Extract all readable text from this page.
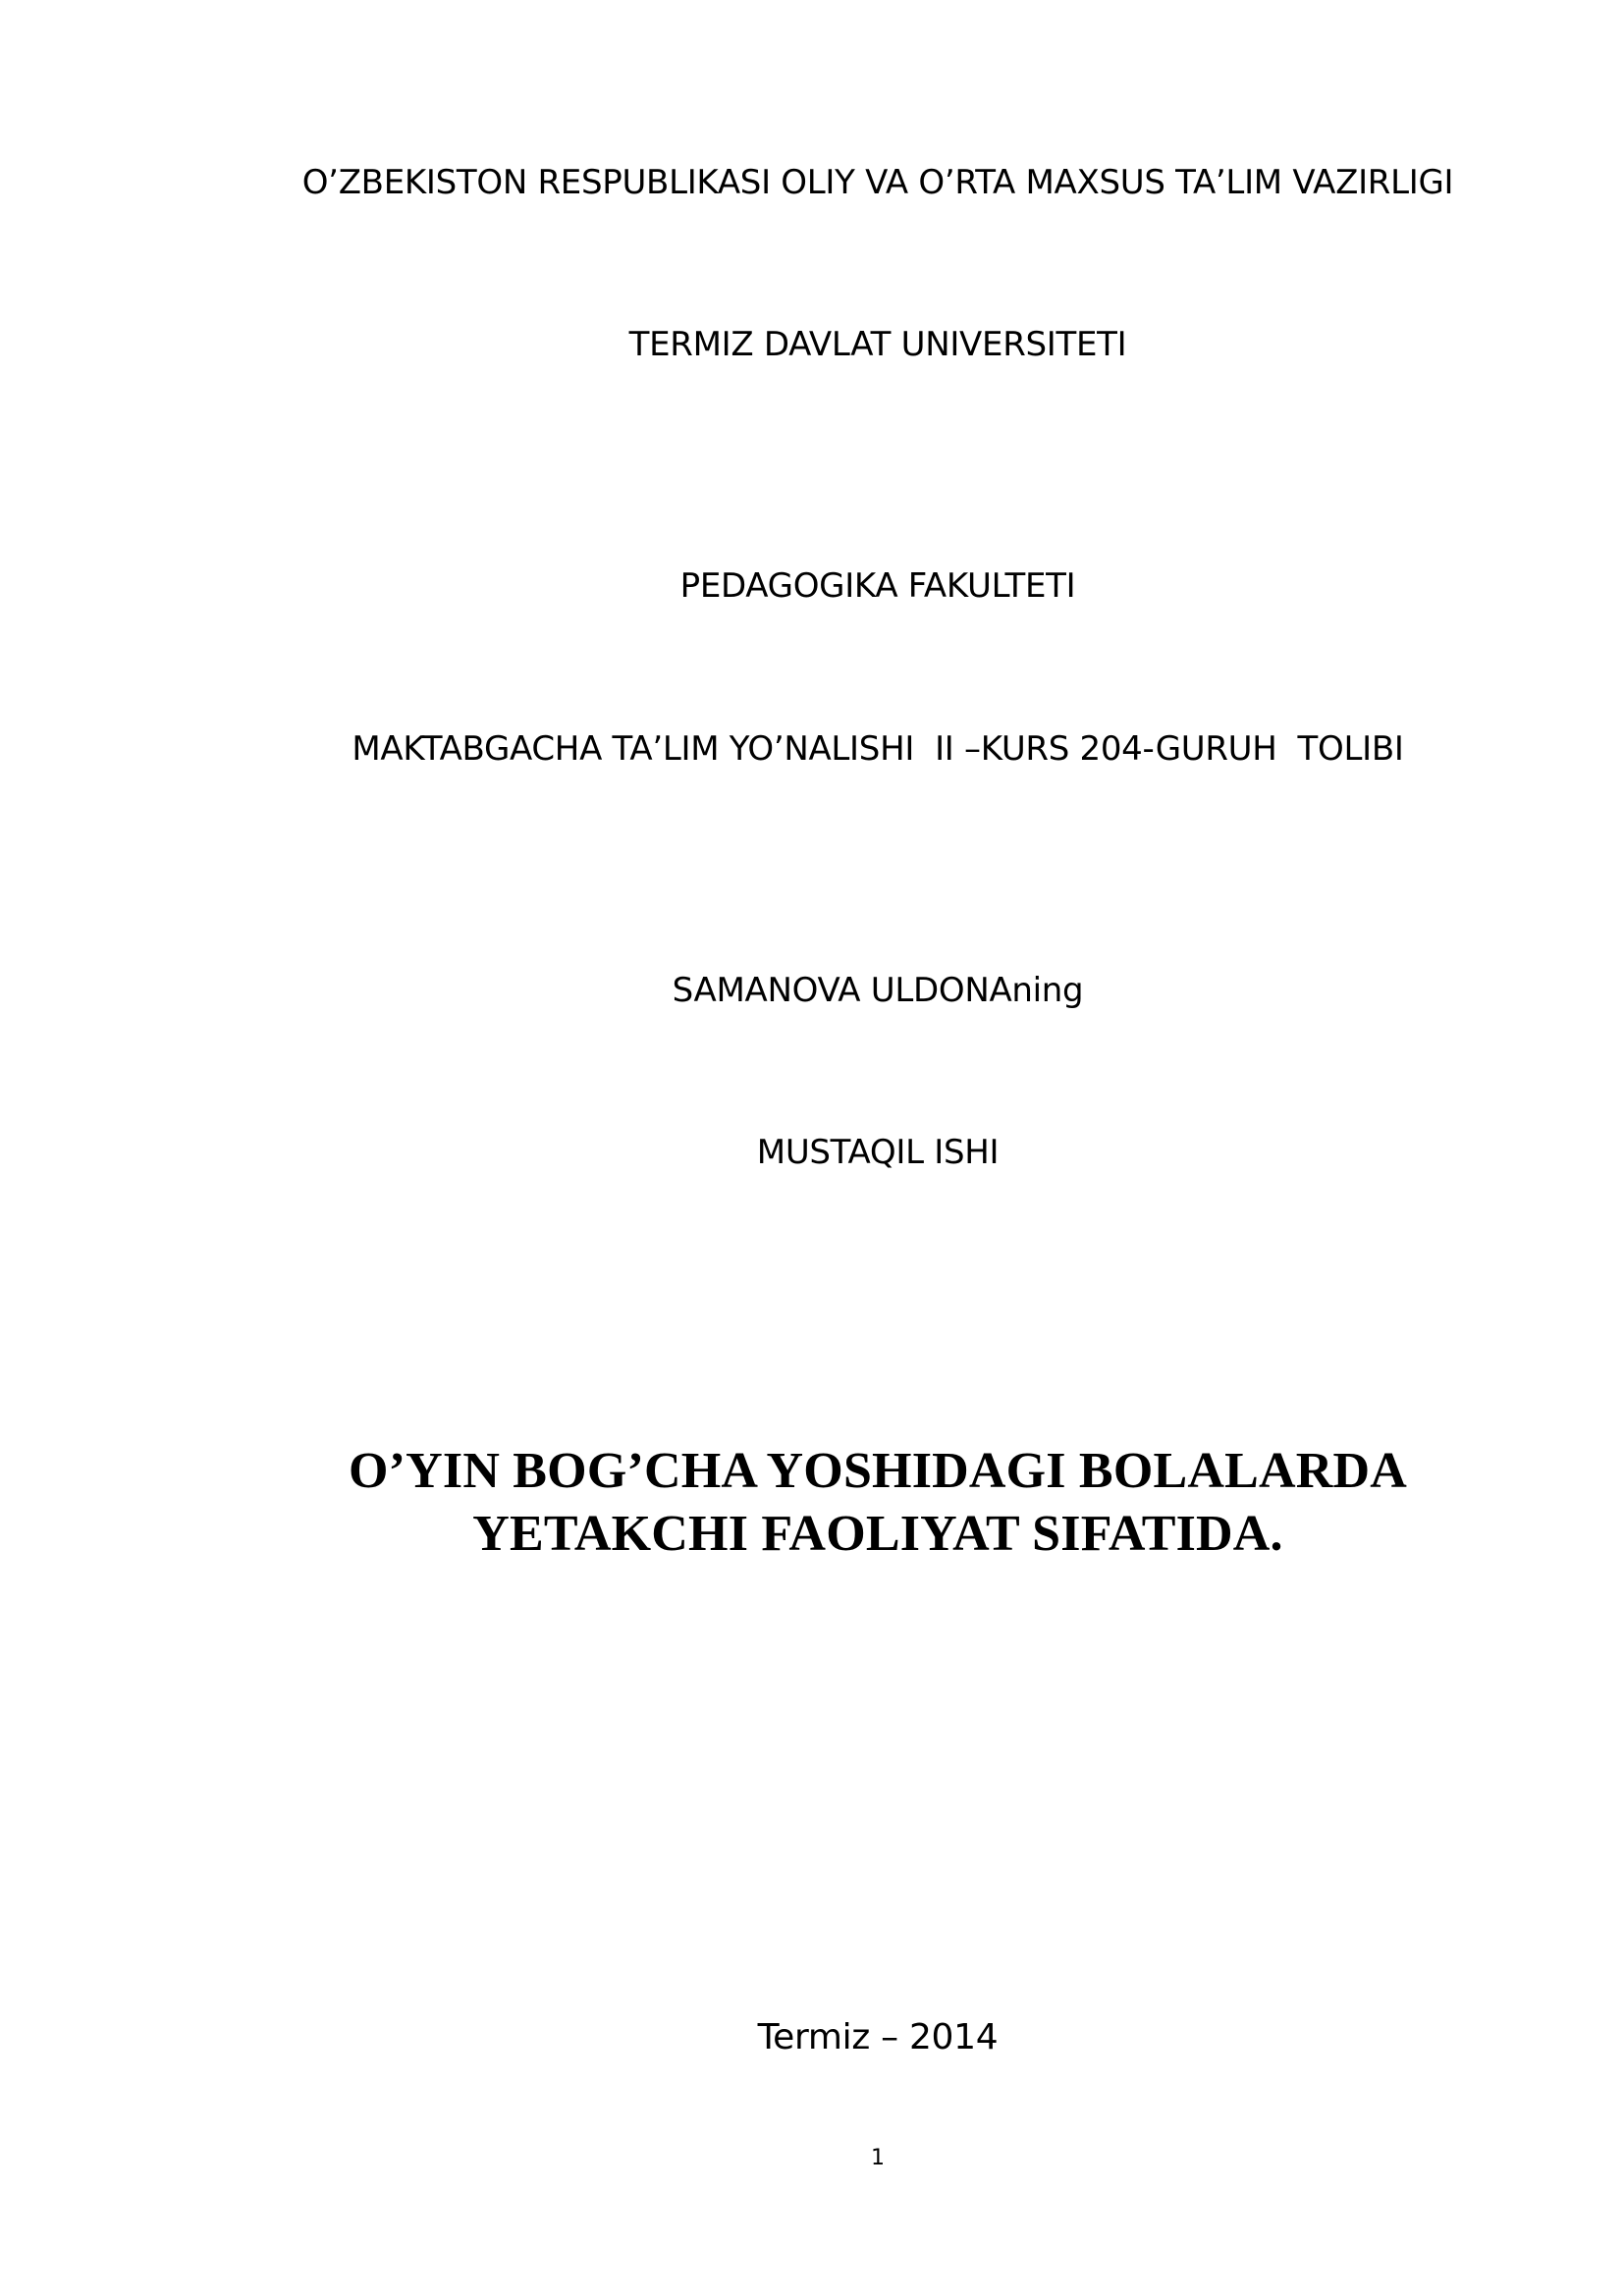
O’ZBEKISTON RESPUBLIKASI OLIY VA O’RTA MAXSUS TA’LIM VAZIRLIGI
TERMIZ DAVLAT UNIVERSITETI
PEDAGOGIKA FAKULTETI
MAKTABGACHA TA’LIM YO’NALISHI  II –KURS 204-GURUH  TOLIBI
SAMANOVA ULDONAning
MUSTAQIL ISHI
O’YIN BOG’CHA YOSHIDAGI BOLALARDA
YETAKCHI FAOLIYAT SIFATIDA.
Termiz – 2014
1
